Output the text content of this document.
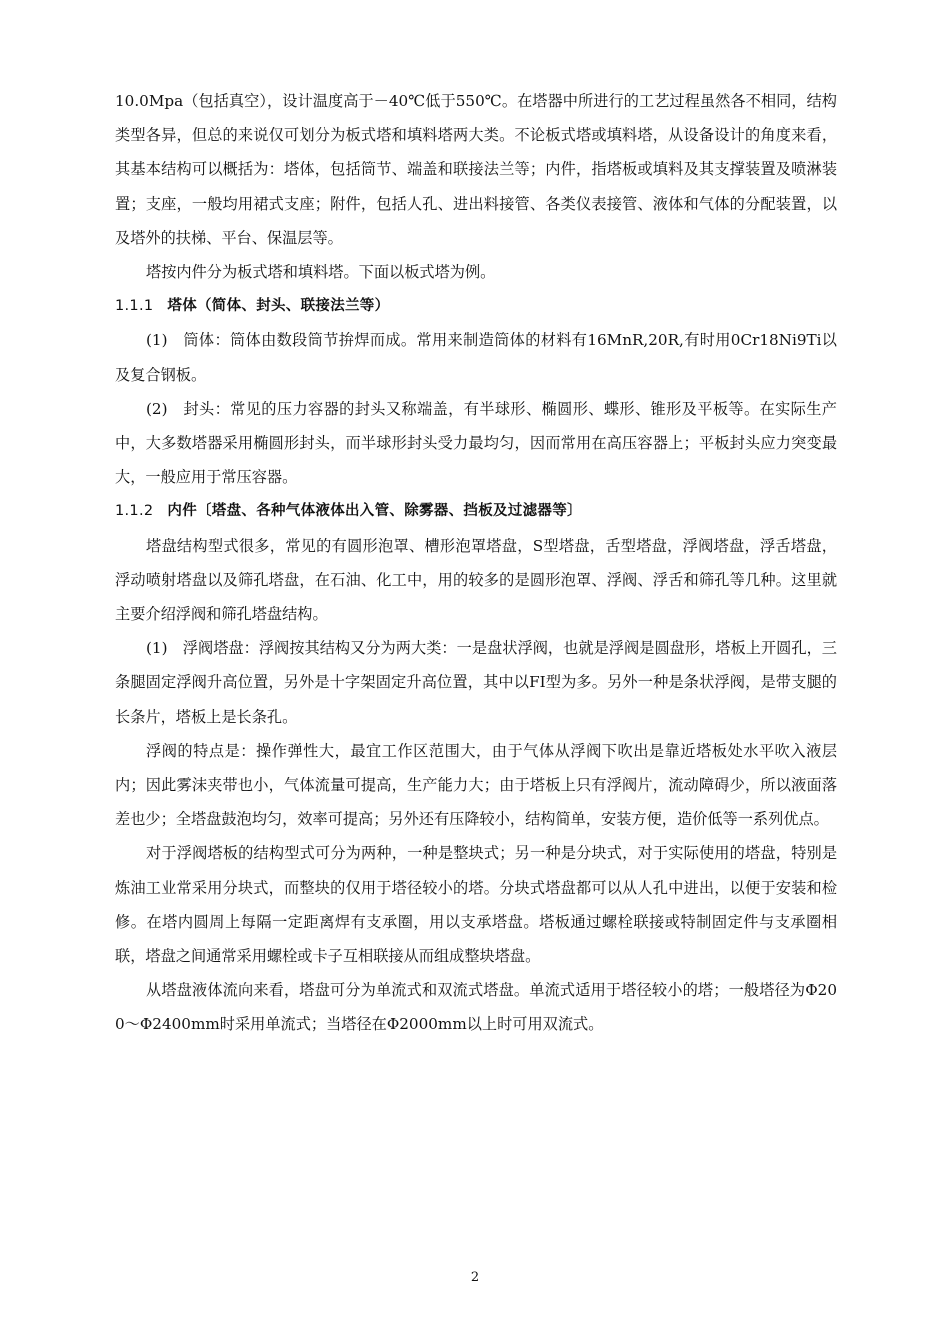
10.0Mpa（包括真空），设计温度高于－40℃低于550℃。在塔器中所进行的工艺过程虽然各不相同，结构类型各异，但总的来说仅可划分为板式塔和填料塔两大类。不论板式塔或填料塔，从设备设计的角度来看，其基本结构可以概括为：塔体，包括筒节、端盖和联接法兰等；内件，指塔板或填料及其支撑装置及喷淋装置；支座，一般均用裙式支座；附件，包括人孔、进出料接管、各类仪表接管、液体和气体的分配装置，以及塔外的扶梯、平台、保温层等。

塔按内件分为板式塔和填料塔。下面以板式塔为例。

1.1.1 塔体（简体、封头、联接法兰等）

(1)　筒体：筒体由数段筒节拚焊而成。常用来制造筒体的材料有16MnR,20R,有时用0Cr18Ni9Ti以及复合钢板。

(2)　封头：常见的压力容器的封头又称端盖，有半球形、椭圆形、蝶形、锥形及平板等。在实际生产中，大多数塔器采用椭圆形封头，而半球形封头受力最均匀，因而常用在高压容器上；平板封头应力突变最大，一般应用于常压容器。

1.1.2 内件〔塔盘、各种气体液体出入管、除雾器、挡板及过滤器等〕

塔盘结构型式很多，常见的有圆形泡罩、槽形泡罩塔盘，S型塔盘，舌型塔盘，浮阀塔盘，浮舌塔盘，浮动喷射塔盘以及筛孔塔盘，在石油、化工中，用的较多的是圆形泡罩、浮阀、浮舌和筛孔等几种。这里就主要介绍浮阀和筛孔塔盘结构。

(1)　浮阀塔盘：浮阀按其结构又分为两大类：一是盘状浮阀，也就是浮阀是圆盘形，塔板上开圆孔，三条腿固定浮阀升高位置，另外是十字架固定升高位置，其中以FI型为多。另外一种是条状浮阀，是带支腿的长条片，塔板上是长条孔。

浮阀的特点是：操作弹性大，最宜工作区范围大，由于气体从浮阀下吹出是靠近塔板处水平吹入液层内；因此雾沫夹带也小，气体流量可提高，生产能力大；由于塔板上只有浮阀片，流动障碍少，所以液面落差也少；全塔盘鼓泡均匀，效率可提高；另外还有压降较小，结构简单，安装方便，造价低等一系列优点。

对于浮阀塔板的结构型式可分为两种，一种是整块式；另一种是分块式，对于实际使用的塔盘，特别是炼油工业常采用分块式，而整块的仅用于塔径较小的塔。分块式塔盘都可以从人孔中进出，以便于安装和检修。在塔内圆周上每隔一定距离焊有支承圈，用以支承塔盘。塔板通过螺栓联接或特制固定件与支承圈相联，塔盘之间通常采用螺栓或卡子互相联接从而组成整块塔盘。

从塔盘液体流向来看，塔盘可分为单流式和双流式塔盘。单流式适用于塔径较小的塔；一般塔径为Φ200～Φ2400mm时采用单流式；当塔径在Φ2000mm以上时可用双流式。

2
